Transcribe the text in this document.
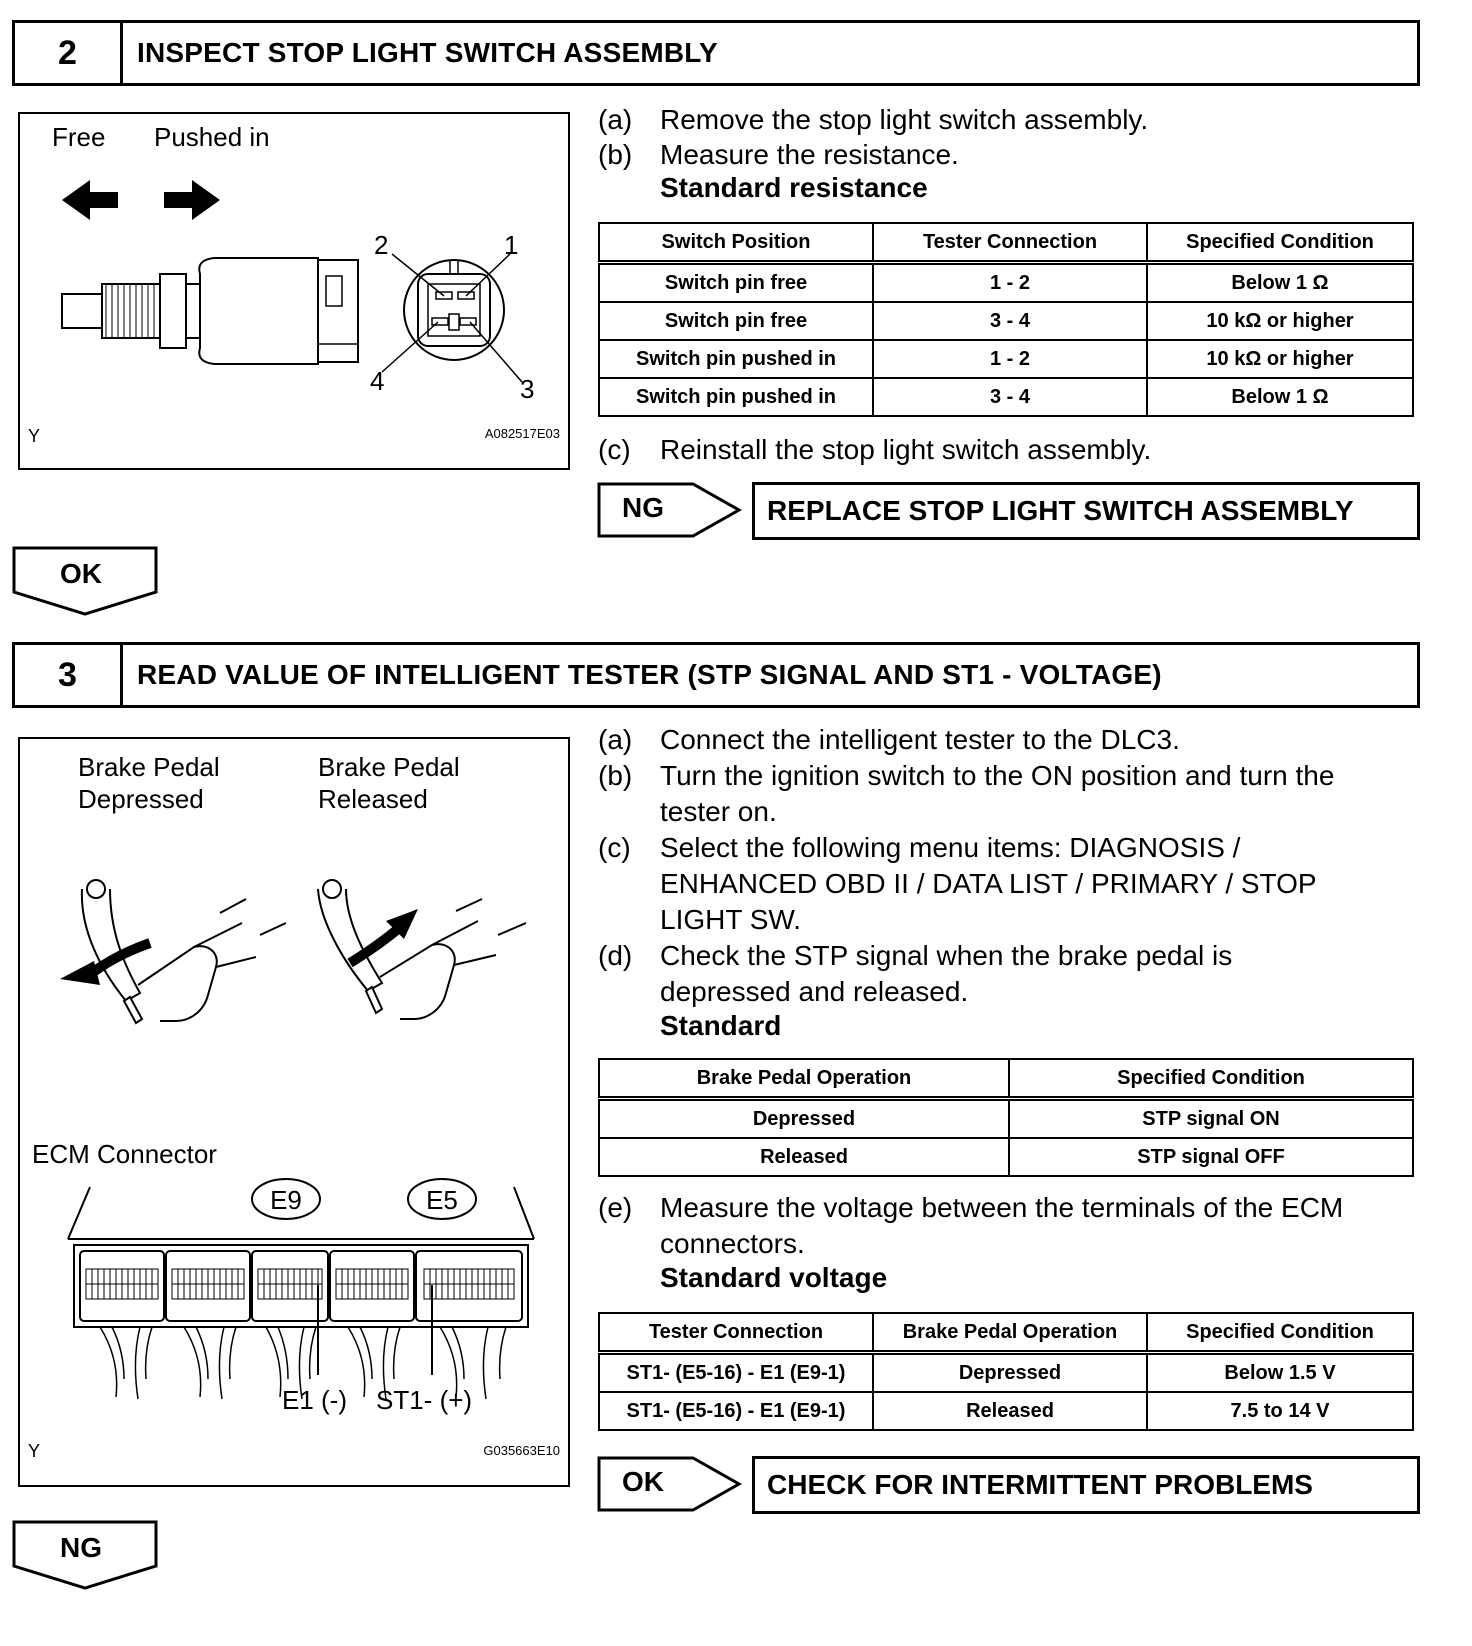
2	INSPECT STOP LIGHT SWITCH ASSEMBLY
Free Pushed in
2	1
4	3
Y	A082517E03
(a) Remove the stop light switch assembly.
(b) Measure the resistance.
Standard resistance
Switch Position	Tester Connection	Specified Condition
Switch pin free	1 - 2	Below 1 Ω
Switch pin free	3 - 4	10 kΩ or higher
Switch pin pushed in	1 - 2	10 kΩ or higher
Switch pin pushed in	3 - 4	Below 1 Ω
(c)	Reinstall the stop light switch assembly.
NG	REPLACE STOP LIGHT SWITCH ASSEMBLY
OK
3	READ VALUE OF INTELLIGENT TESTER (STP SIGNAL AND ST1 - VOLTAGE)
Brake Pedal
Depressed
Brake Pedal
Released
ECM Connector
E9	E5
E1 (-) ST1- (+)
Y	G035663E10
(a) Connect the intelligent tester to the DLC3.
(b) Turn the ignition switch to the ON position and turn the
tester on.
(c)	Select the following menu items: DIAGNOSIS /
ENHANCED OBD II / DATA LIST / PRIMARY / STOP
LIGHT SW.
(d) Check the STP signal when the brake pedal is
depressed and released.
Standard
Brake Pedal Operation	Specified Condition
Depressed	STP signal ON
Released	STP signal OFF
(e) Measure the voltage between the terminals of the ECM
connectors.
Standard voltage
Tester Connection	Brake Pedal Operation	Specified Condition
ST1- (E5-16) - E1 (E9-1)	Depressed	Below 1.5 V
ST1- (E5-16) - E1 (E9-1)	Released	7.5 to 14 V
OK	CHECK FOR INTERMITTENT PROBLEMS
NG
